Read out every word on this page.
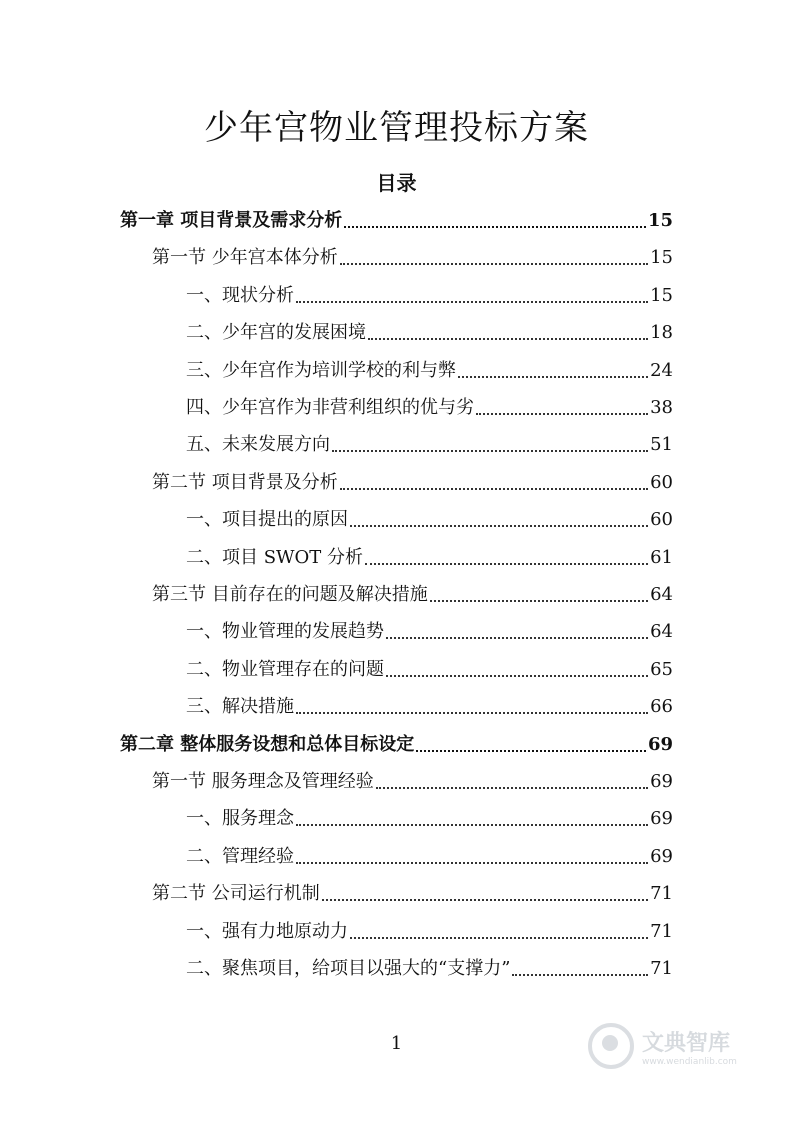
少年宫物业管理投标方案
目录
第一章 项目背景及需求分析	15
第一节 少年宫本体分析	15
一、现状分析	15
二、少年宫的发展困境	18
三、少年宫作为培训学校的利与弊	24
四、少年宫作为非营利组织的优与劣	38
五、未来发展方向	51
第二节 项目背景及分析	60
一、项目提出的原因	60
二、项目 SWOT 分析	61
第三节 目前存在的问题及解决措施	64
一、物业管理的发展趋势	64
二、物业管理存在的问题	65
三、解决措施	66
第二章 整体服务设想和总体目标设定	69
第一节 服务理念及管理经验	69
一、服务理念	69
二、管理经验	69
第二节 公司运行机制	71
一、强有力地原动力	71
二、聚焦项目，给项目以强大的“支撑力”	71
1	文典智库
www.wendianlib.com
